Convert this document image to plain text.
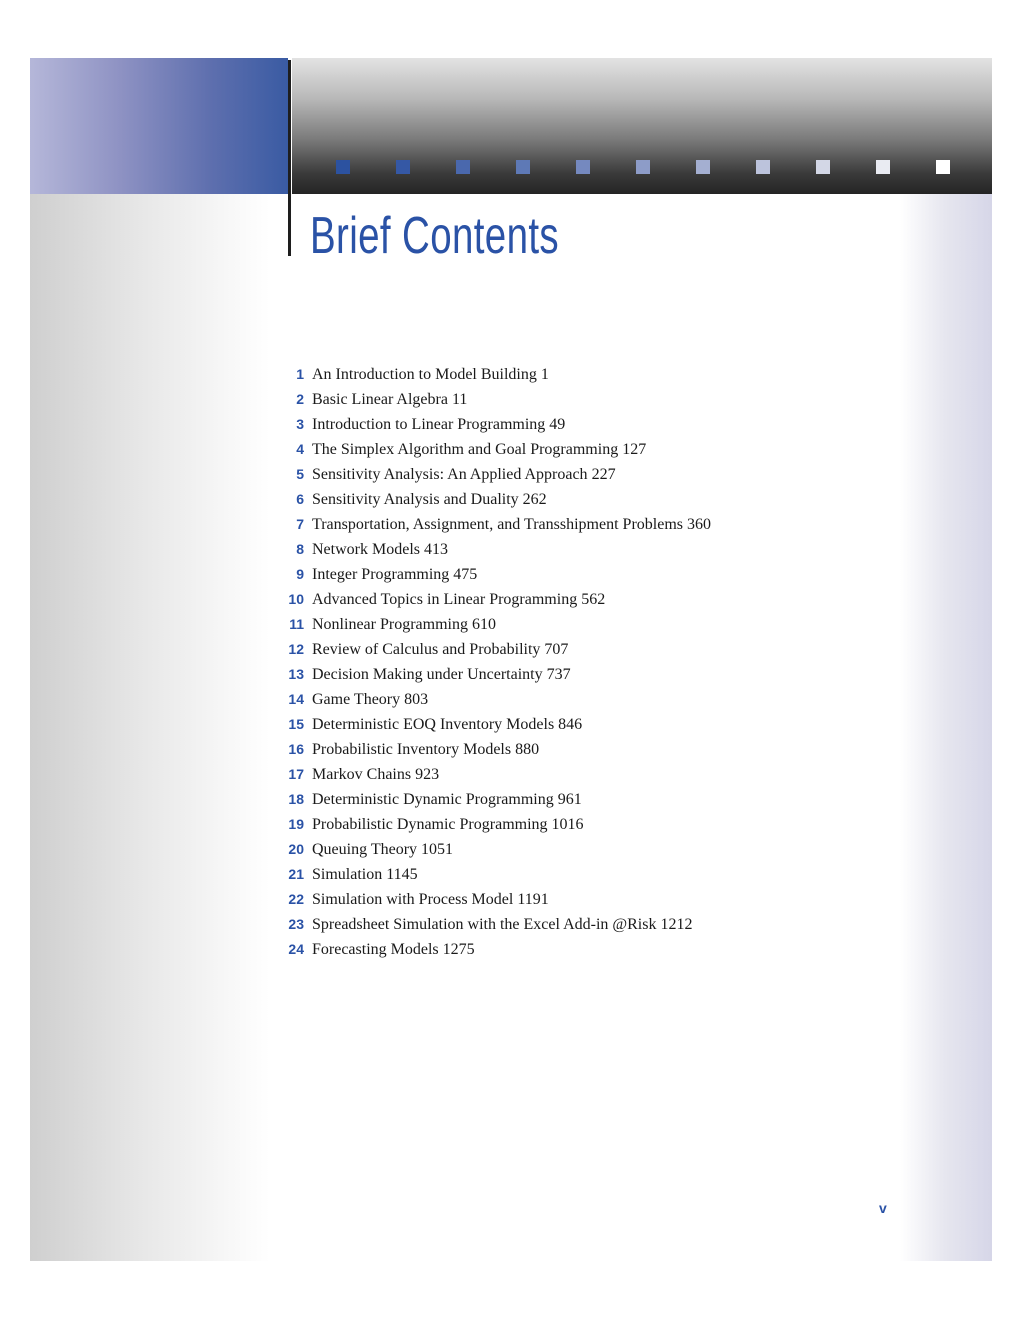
Brief Contents
1 An Introduction to Model Building 1
2 Basic Linear Algebra 11
3 Introduction to Linear Programming 49
4 The Simplex Algorithm and Goal Programming 127
5 Sensitivity Analysis: An Applied Approach 227
6 Sensitivity Analysis and Duality 262
7 Transportation, Assignment, and Transshipment Problems 360
8 Network Models 413
9 Integer Programming 475
10 Advanced Topics in Linear Programming 562
11 Nonlinear Programming 610
12 Review of Calculus and Probability 707
13 Decision Making under Uncertainty 737
14 Game Theory 803
15 Deterministic EOQ Inventory Models 846
16 Probabilistic Inventory Models 880
17 Markov Chains 923
18 Deterministic Dynamic Programming 961
19 Probabilistic Dynamic Programming 1016
20 Queuing Theory 1051
21 Simulation 1145
22 Simulation with Process Model 1191
23 Spreadsheet Simulation with the Excel Add-in @Risk 1212
24 Forecasting Models 1275
v
